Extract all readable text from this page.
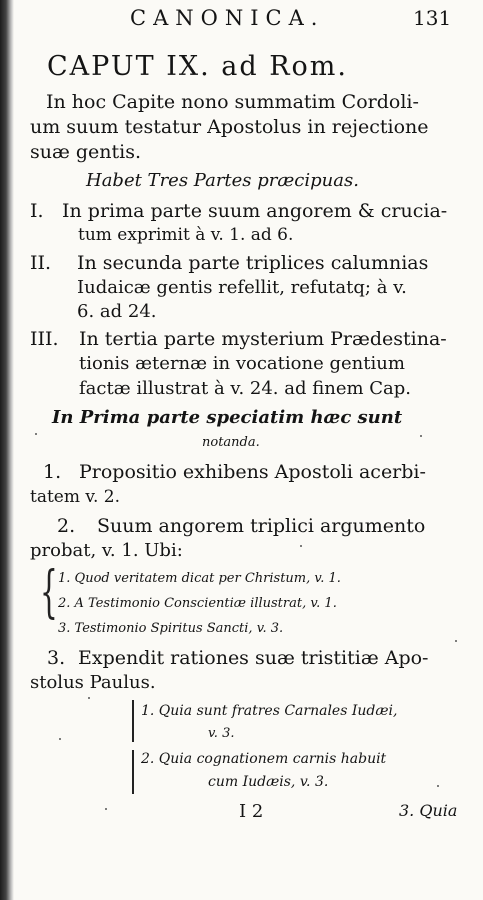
CANONICA.	131
CAPUT IX. ad Rom.
In hoc Capite nono summatim Cordoli-
um suum testatur Apostolus in rejectione
suæ gentis.
Habet Tres Partes præcipuas.
I. In prima parte suum angorem & crucia-
tum exprimit à v. 1. ad 6.
II. In secunda parte triplices calumnias
Iudaicæ gentis refellit, refutatq; à v.
6. ad 24.
III. In tertia parte mysterium Prædestina-
tionis æternæ in vocatione gentium
factæ illustrat à v. 24. ad finem Cap.
In Prima parte speciatim hæc sunt
notanda.
1. Propositio exhibens Apostoli acerbi-
tatem v. 2.
2. Suum angorem triplici argumento
probat, v. 1. Ubi:
{ 1. Quod veritatem dicat per Christum, v. 1.
2. A Testimonio Conscientiæ illustrat, v. 1.
3. Testimonio Spiritus Sancti, v. 3.
3. Expendit rationes suæ tristitiæ Apo-
stolus Paulus.
1. Quia sunt fratres Carnales Iudæi,
v. 3.
2. Quia cognationem carnis habuit
cum Iudæis, v. 3.
I 2	3. Quia
